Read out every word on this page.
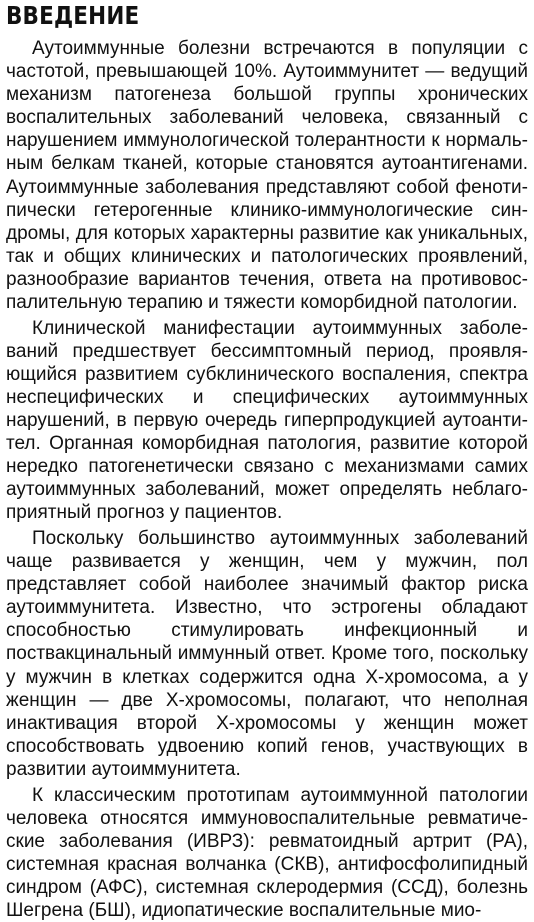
ВВЕДЕНИЕ

Аутоиммунные болезни встречаются в популяции с частотой, превышающей 10%. Аутоиммунитет — ведущий механизм патогенеза большой группы хронических воспалительных заболеваний человека, связанный с нарушением иммунологической толерантности к нормальным белкам тканей, которые становятся аутоантигенами. Аутоиммунные заболевания представляют собой фенотипически гетерогенные клинико-иммунологические синдромы, для которых характерны развитие как уникальных, так и общих клинических и патологических проявлений, разнообразие вариантов течения, ответа на противовоспалительную терапию и тяжести коморбидной патологии.

Клинической манифестации аутоиммунных заболеваний предшествует бессимптомный период, проявляющийся развитием субклинического воспаления, спектра неспецифических и специфических аутоиммунных нарушений, в первую очередь гиперпродукцией аутоантител. Органная коморбидная патология, развитие которой нередко патогенетически связано с механизмами самих аутоиммунных заболеваний, может определять неблагоприятный прогноз у пациентов.

Поскольку большинство аутоиммунных заболеваний чаще развивается у женщин, чем у мужчин, пол представляет собой наиболее значимый фактор риска аутоиммунитета. Известно, что эстрогены обладают способностью стимулировать инфекционный и поствакцинальный иммунный ответ. Кроме того, поскольку у мужчин в клетках содержится одна X-хромосома, а у женщин — две X-хромосомы, полагают, что неполная инактивация второй X-хромосомы у женщин может способствовать удвоению копий генов, участвующих в развитии аутоиммунитета.

К классическим прототипам аутоиммунной патологии человека относятся иммуновоспалительные ревматические заболевания (ИВРЗ): ревматоидный артрит (РА), системная красная волчанка (СКВ), антифосфолипидный синдром (АФС), системная склеродермия (ССД), болезнь Шегрена (БШ), идиопатические воспалительные мио-
